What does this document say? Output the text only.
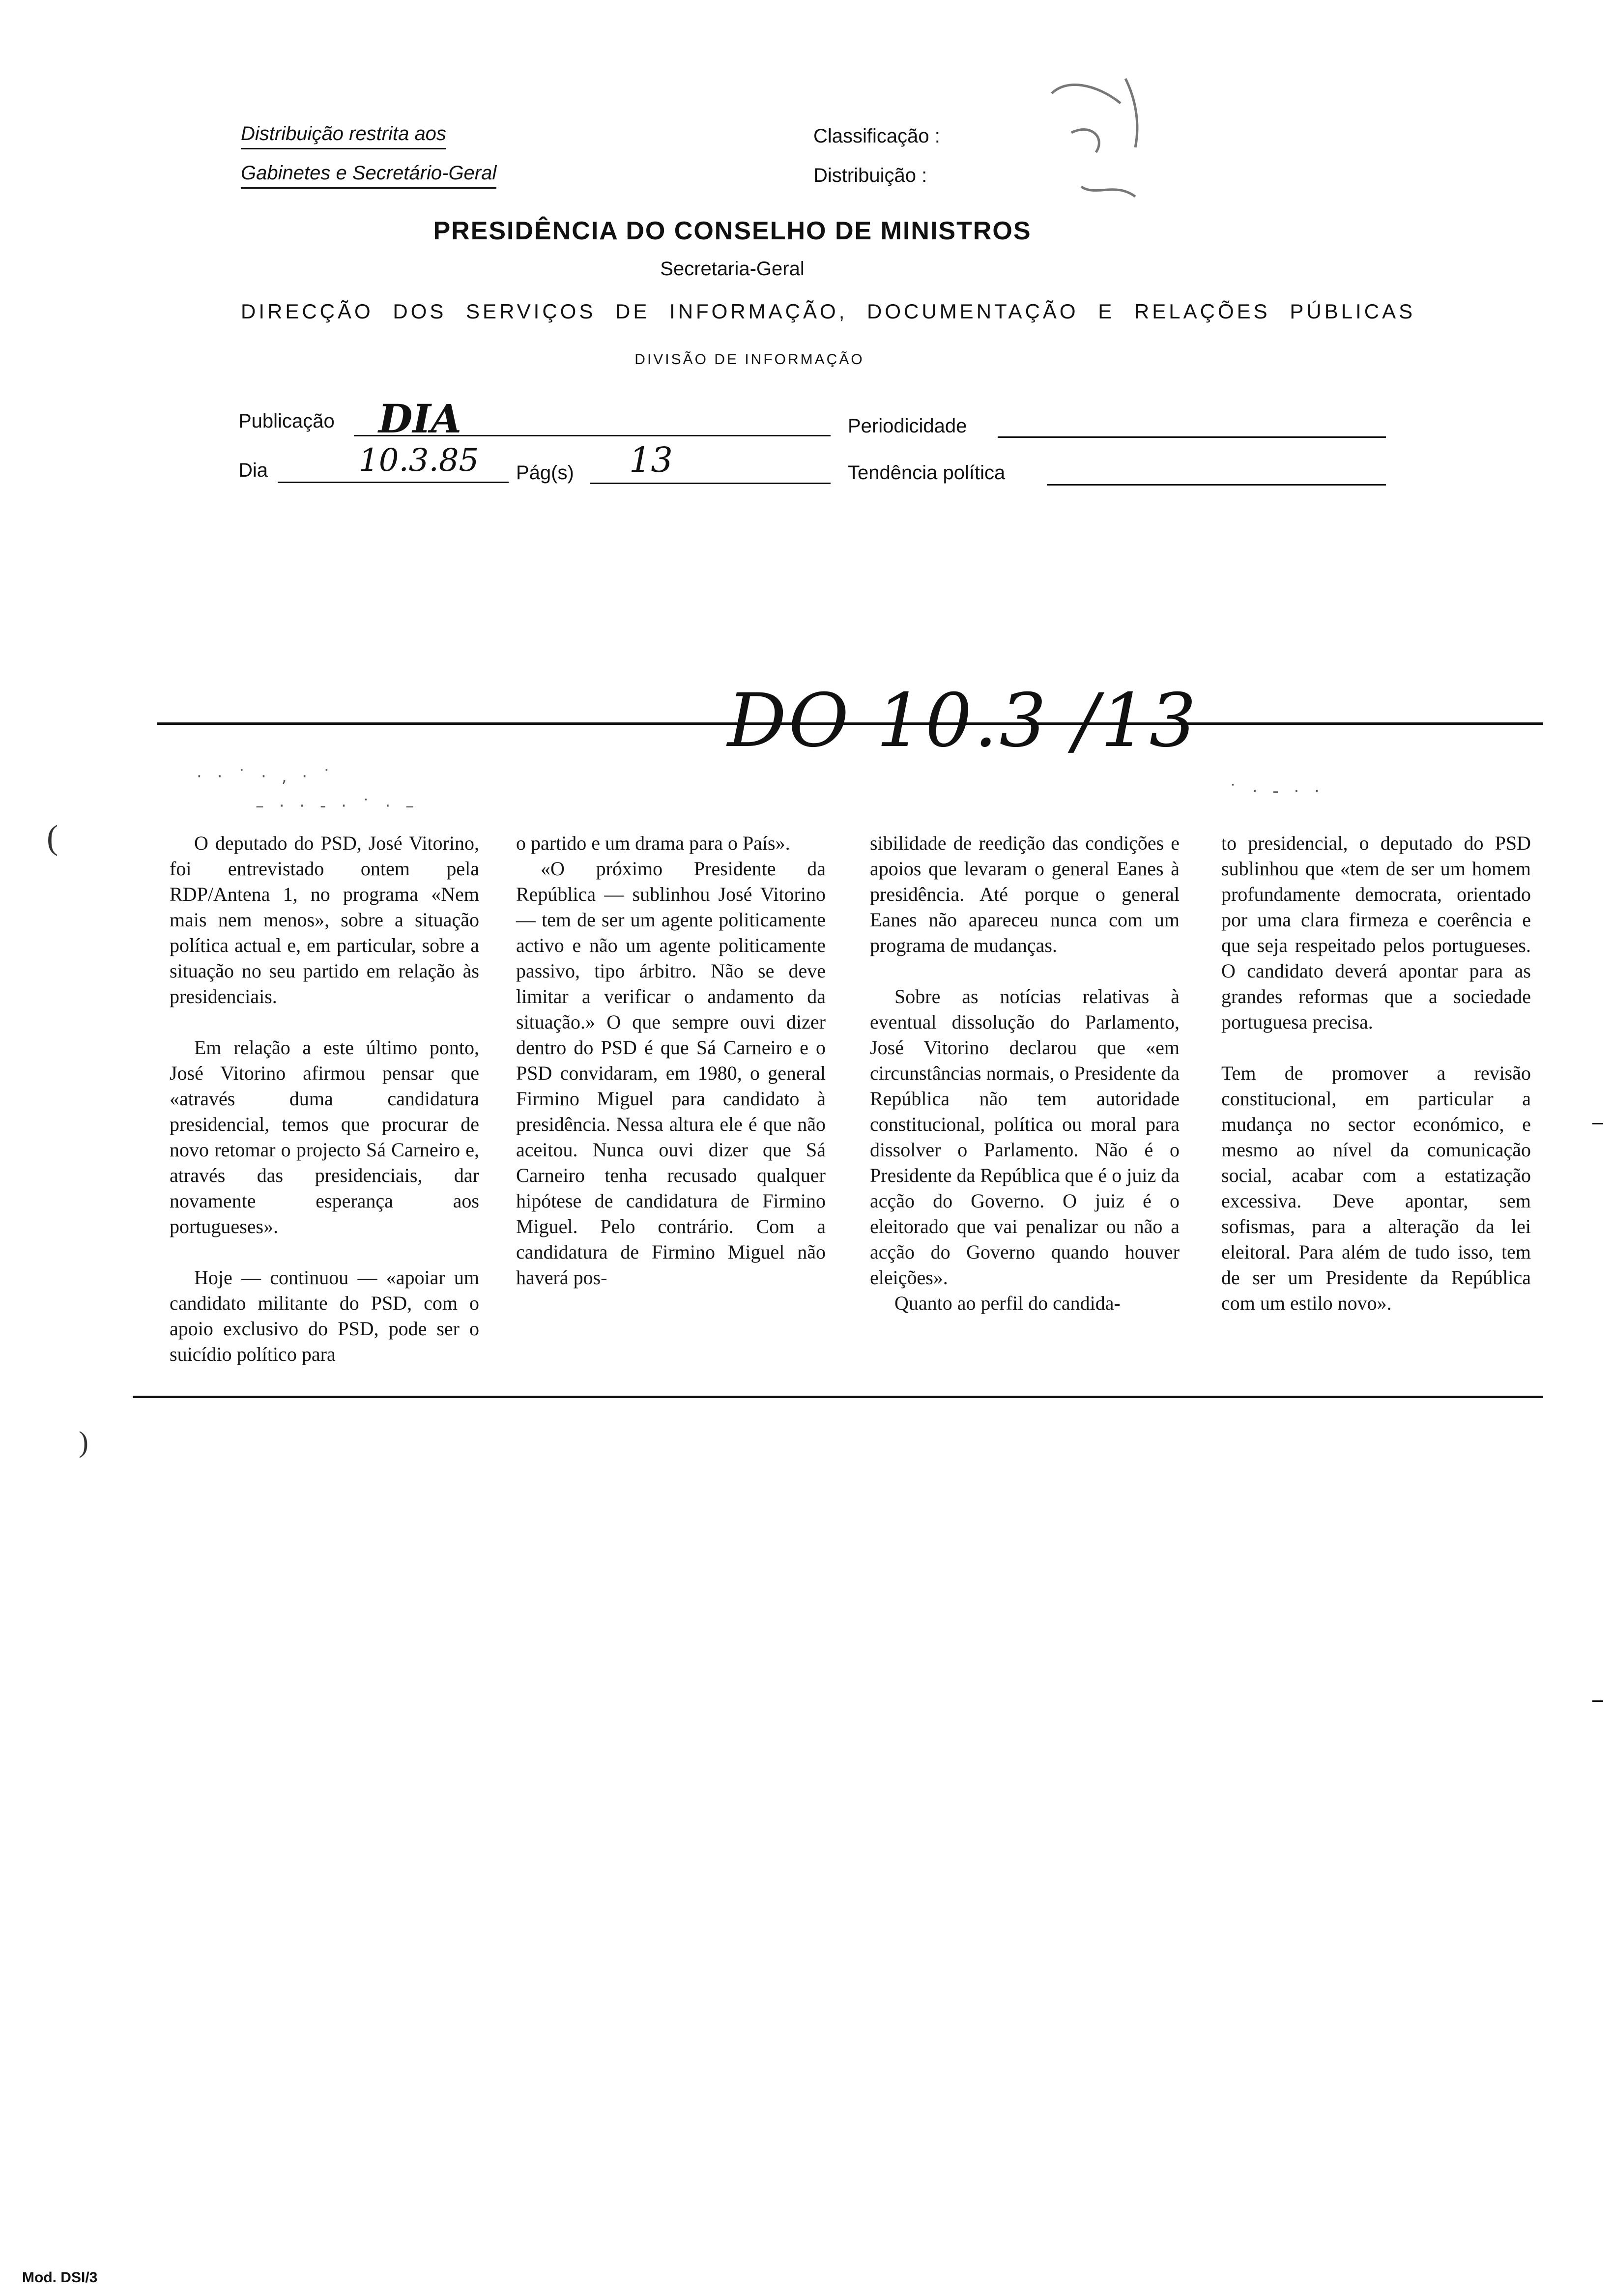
Distribuição restrita aos
Gabinetes e Secretário-Geral
Classificação :
Distribuição :
PRESIDÊNCIA DO CONSELHO DE MINISTROS
Secretaria-Geral
DIRECÇÃO DOS SERVIÇOS DE INFORMAÇÃO, DOCUMENTAÇÃO E RELAÇÕES PÚBLICAS
DIVISÃO DE INFORMAÇÃO
Publicação DIA	Periodicidade
Dia	10.3.85 Pág(s) 13	Tendência política
DO 10.3 /13
· · ˙ · ‚ · ˙
– · · ‐ · ˙ · –
˙ · ‐ · ·
(
)

O deputado do PSD, José Vitorino, foi entrevistado ontem pela RDP/Antena 1, no programa «Nem mais nem menos», sobre a situação política actual e, em particular, sobre a situação no seu partido em relação às presidenciais.

Em relação a este último ponto, José Vitorino afirmou pensar que «através duma candidatura presidencial, temos que procurar de novo retomar o projecto Sá Carneiro e, através das presidenciais, dar novamente esperança aos portugueses».

Hoje — continuou — «apoiar um candidato militante do PSD, com o apoio exclusivo do PSD, pode ser o suicídio político para

o partido e um drama para o País».

«O próximo Presidente da República — sublinhou José Vitorino — tem de ser um agente politicamente activo e não um agente politicamente passivo, tipo árbitro. Não se deve limitar a verificar o andamento da situação.» O que sempre ouvi dizer dentro do PSD é que Sá Carneiro e o PSD convidaram, em 1980, o general Firmino Miguel para candidato à presidência. Nessa altura ele é que não aceitou. Nunca ouvi dizer que Sá Carneiro tenha recusado qualquer hipótese de candidatura de Firmino Miguel. Pelo contrário. Com a candidatura de Firmino Miguel não haverá pos-

sibilidade de reedição das condições e apoios que levaram o general Eanes à presidência. Até porque o general Eanes não apareceu nunca com um programa de mudanças.

Sobre as notícias relativas à eventual dissolução do Parlamento, José Vitorino declarou que «em circunstâncias normais, o Presidente da República não tem autoridade constitucional, política ou moral para dissolver o Parlamento. Não é o Presidente da República que é o juiz da acção do Governo. O juiz é o eleitorado que vai penalizar ou não a acção do Governo quando houver eleições».

Quanto ao perfil do candida-

to presidencial, o deputado do PSD sublinhou que «tem de ser um homem profundamente democrata, orientado por uma clara firmeza e coerência e que seja respeitado pelos portugueses. O candidato deverá apontar para as grandes reformas que a sociedade portuguesa precisa.

Tem de promover a revisão constitucional, em particular a mudança no sector económico, e mesmo ao nível da comunicação social, acabar com a estatização excessiva. Deve apontar, sem sofismas, para a alteração da lei eleitoral. Para além de tudo isso, tem de ser um Presidente da República com um estilo novo».

Mod. DSI/3
